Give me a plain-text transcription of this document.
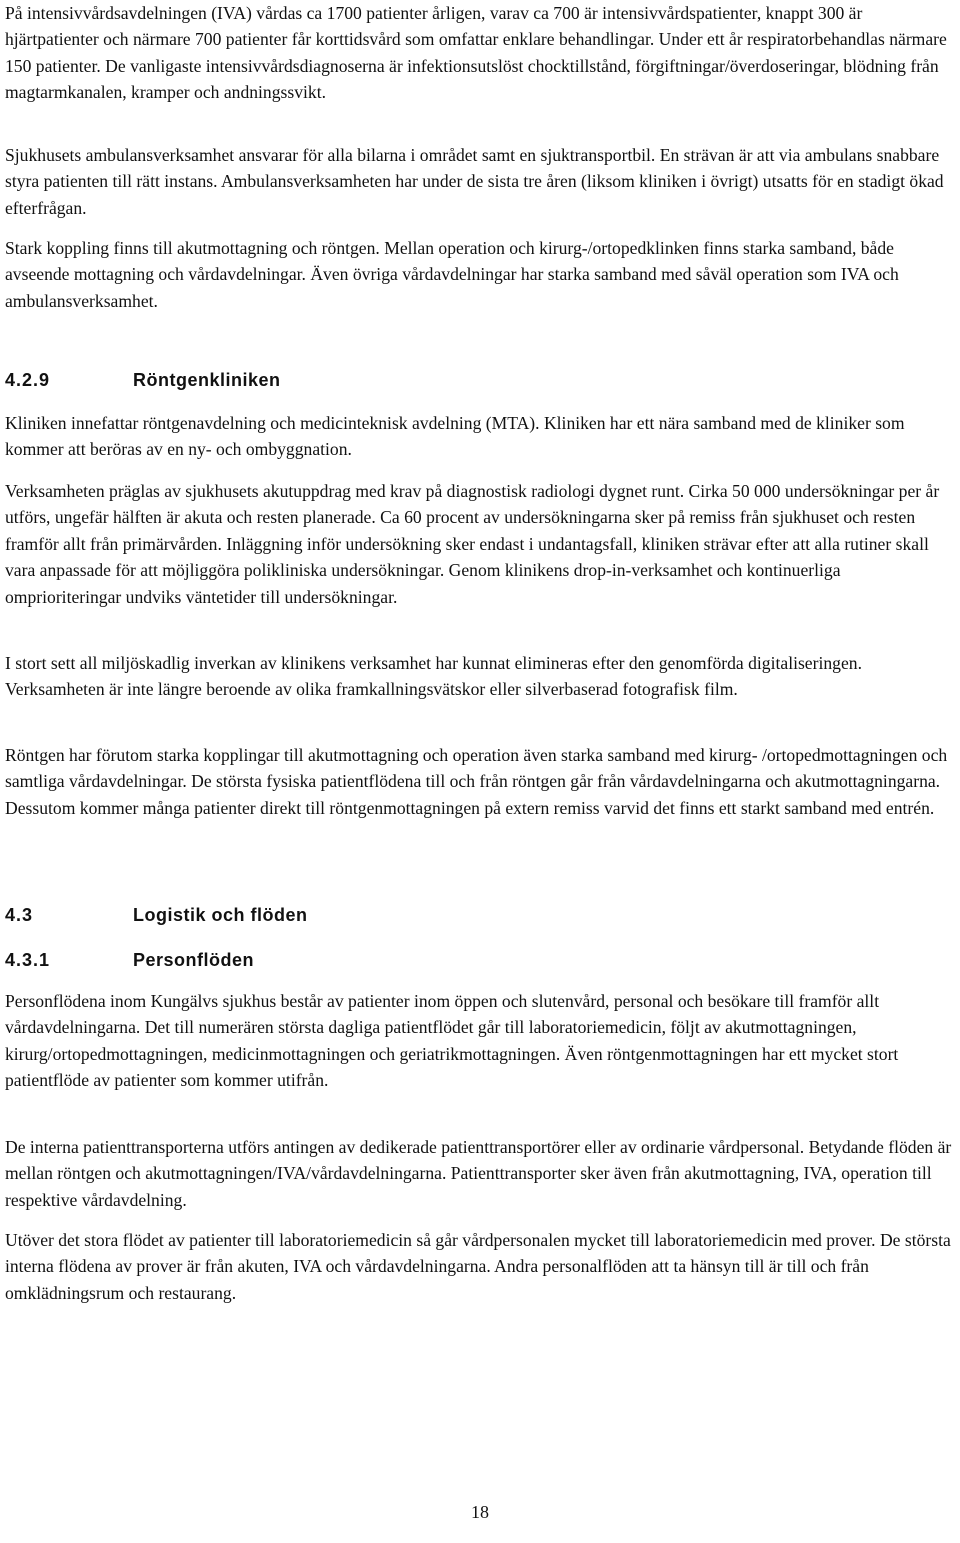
På intensivvårdsavdelningen (IVA) vårdas ca 1700 patienter årligen, varav ca 700 är intensivvårdspatienter, knappt 300 är hjärtpatienter och närmare 700 patienter får korttidsvård som omfattar enklare behandlingar. Under ett år respiratorbehandlas närmare 150 patienter. De vanligaste intensivvårdsdiagnoserna är infektionsutslöst chocktillstånd, förgiftningar/överdoseringar, blödning från magtarmkanalen, kramper och andningssvikt.

Sjukhusets ambulansverksamhet ansvarar för alla bilarna i området samt en sjuktransportbil. En strävan är att via ambulans snabbare styra patienten till rätt instans. Ambulansverksamheten har under de sista tre åren (liksom kliniken i övrigt) utsatts för en stadigt ökad efterfrågan.

Stark koppling finns till akutmottagning och röntgen. Mellan operation och kirurg-/ortopedklinken finns starka samband, både avseende mottagning och vårdavdelningar. Även övriga vårdavdelningar har starka samband med såväl operation som IVA och ambulansverksamhet.

4.2.9	Röntgenkliniken

Kliniken innefattar röntgenavdelning och medicinteknisk avdelning (MTA). Kliniken har ett nära samband med de kliniker som kommer att beröras av en ny- och ombyggnation.

Verksamheten präglas av sjukhusets akutuppdrag med krav på diagnostisk radiologi dygnet runt. Cirka 50 000 undersökningar per år utförs, ungefär hälften är akuta och resten planerade. Ca 60 procent av undersökningarna sker på remiss från sjukhuset och resten framför allt från primärvården. Inläggning inför undersökning sker endast i undantagsfall, kliniken strävar efter att alla rutiner skall vara anpassade för att möjliggöra polikliniska undersökningar. Genom klinikens drop-in-verksamhet och kontinuerliga omprioriteringar undviks väntetider till undersökningar.

I stort sett all miljöskadlig inverkan av klinikens verksamhet har kunnat elimineras efter den genomförda digitaliseringen. Verksamheten är inte längre beroende av olika framkallningsvätskor eller silverbaserad fotografisk film.

Röntgen har förutom starka kopplingar till akutmottagning och operation även starka samband med kirurg- /ortopedmottagningen och samtliga vårdavdelningar. De största fysiska patientflödena till och från röntgen går från vårdavdelningarna och akutmottagningarna. Dessutom kommer många patienter direkt till röntgenmottagningen på extern remiss varvid det finns ett starkt samband med entrén.

4.3	Logistik och flöden
4.3.1	Personflöden

Personflödena inom Kungälvs sjukhus består av patienter inom öppen och slutenvård, personal och besökare till framför allt vårdavdelningarna. Det till numerären största dagliga patientflödet går till laboratoriemedicin, följt av akutmottagningen, kirurg/ortopedmottagningen, medicinmottagningen och geriatrikmottagningen. Även röntgenmottagningen har ett mycket stort patientflöde av patienter som kommer utifrån.

De interna patienttransporterna utförs antingen av dedikerade patienttransportörer eller av ordinarie vårdpersonal. Betydande flöden är mellan röntgen och akutmottagningen/IVA/vårdavdelningarna. Patienttransporter sker även från akutmottagning, IVA, operation till respektive vårdavdelning.

Utöver det stora flödet av patienter till laboratoriemedicin så går vårdpersonalen mycket till laboratoriemedicin med prover. De största interna flödena av prover är från akuten, IVA och vårdavdelningarna. Andra personalflöden att ta hänsyn till är till och från omklädningsrum och restaurang.

18
